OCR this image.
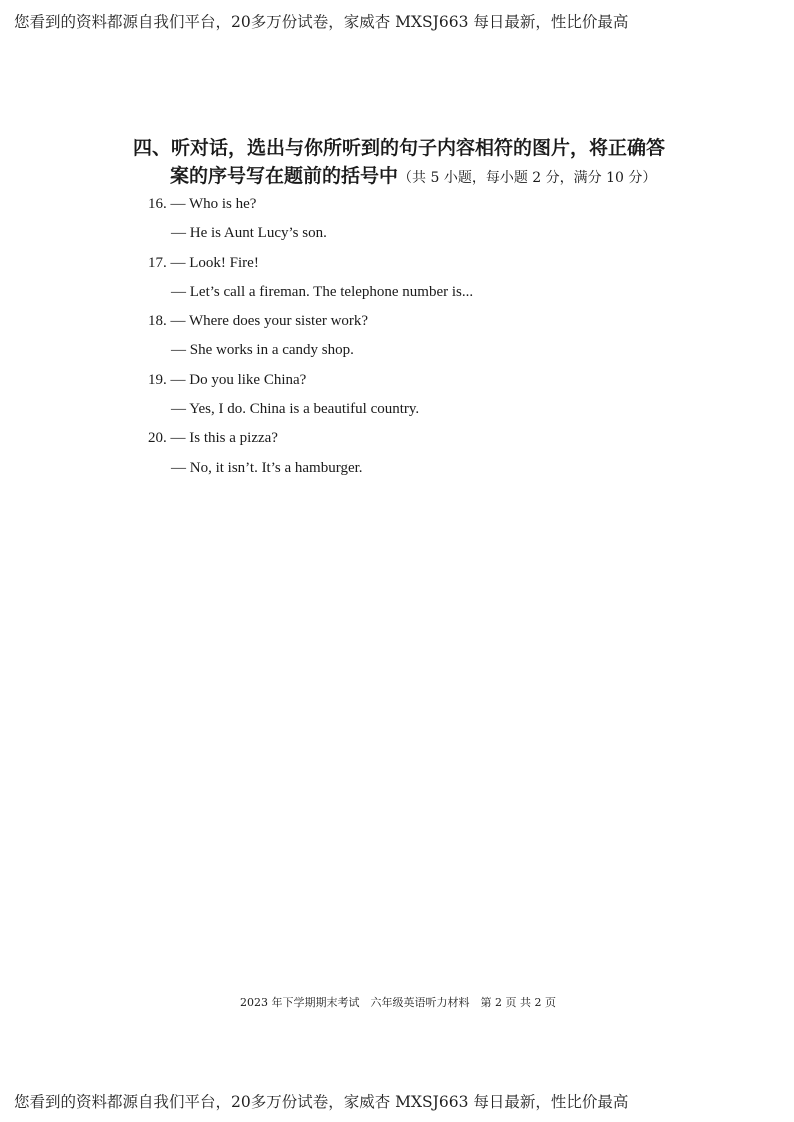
您看到的资料都源自我们平台，20多万份试卷，家威杏 MXSJ663 每日最新，性比价最高
四、听对话，选出与你所听到的句子内容相符的图片，将正确答
案的序号写在题前的括号中（共 5 小题，每小题 2 分，满分 10 分）
16. — Who is he?
— He is Aunt Lucy’s son.
17. — Look! Fire!
— Let’s call a fireman. The telephone number is...
18. — Where does your sister work?
— She works in a candy shop.
19. — Do you like China?
— Yes, I do. China is a beautiful country.
20. — Is this a pizza?
— No, it isn’t. It’s a hamburger.
2023 年下学期期末考试　六年级英语听力材料　第 2 页 共 2 页
您看到的资料都源自我们平台，20多万份试卷，家威杏 MXSJ663 每日最新，性比价最高
